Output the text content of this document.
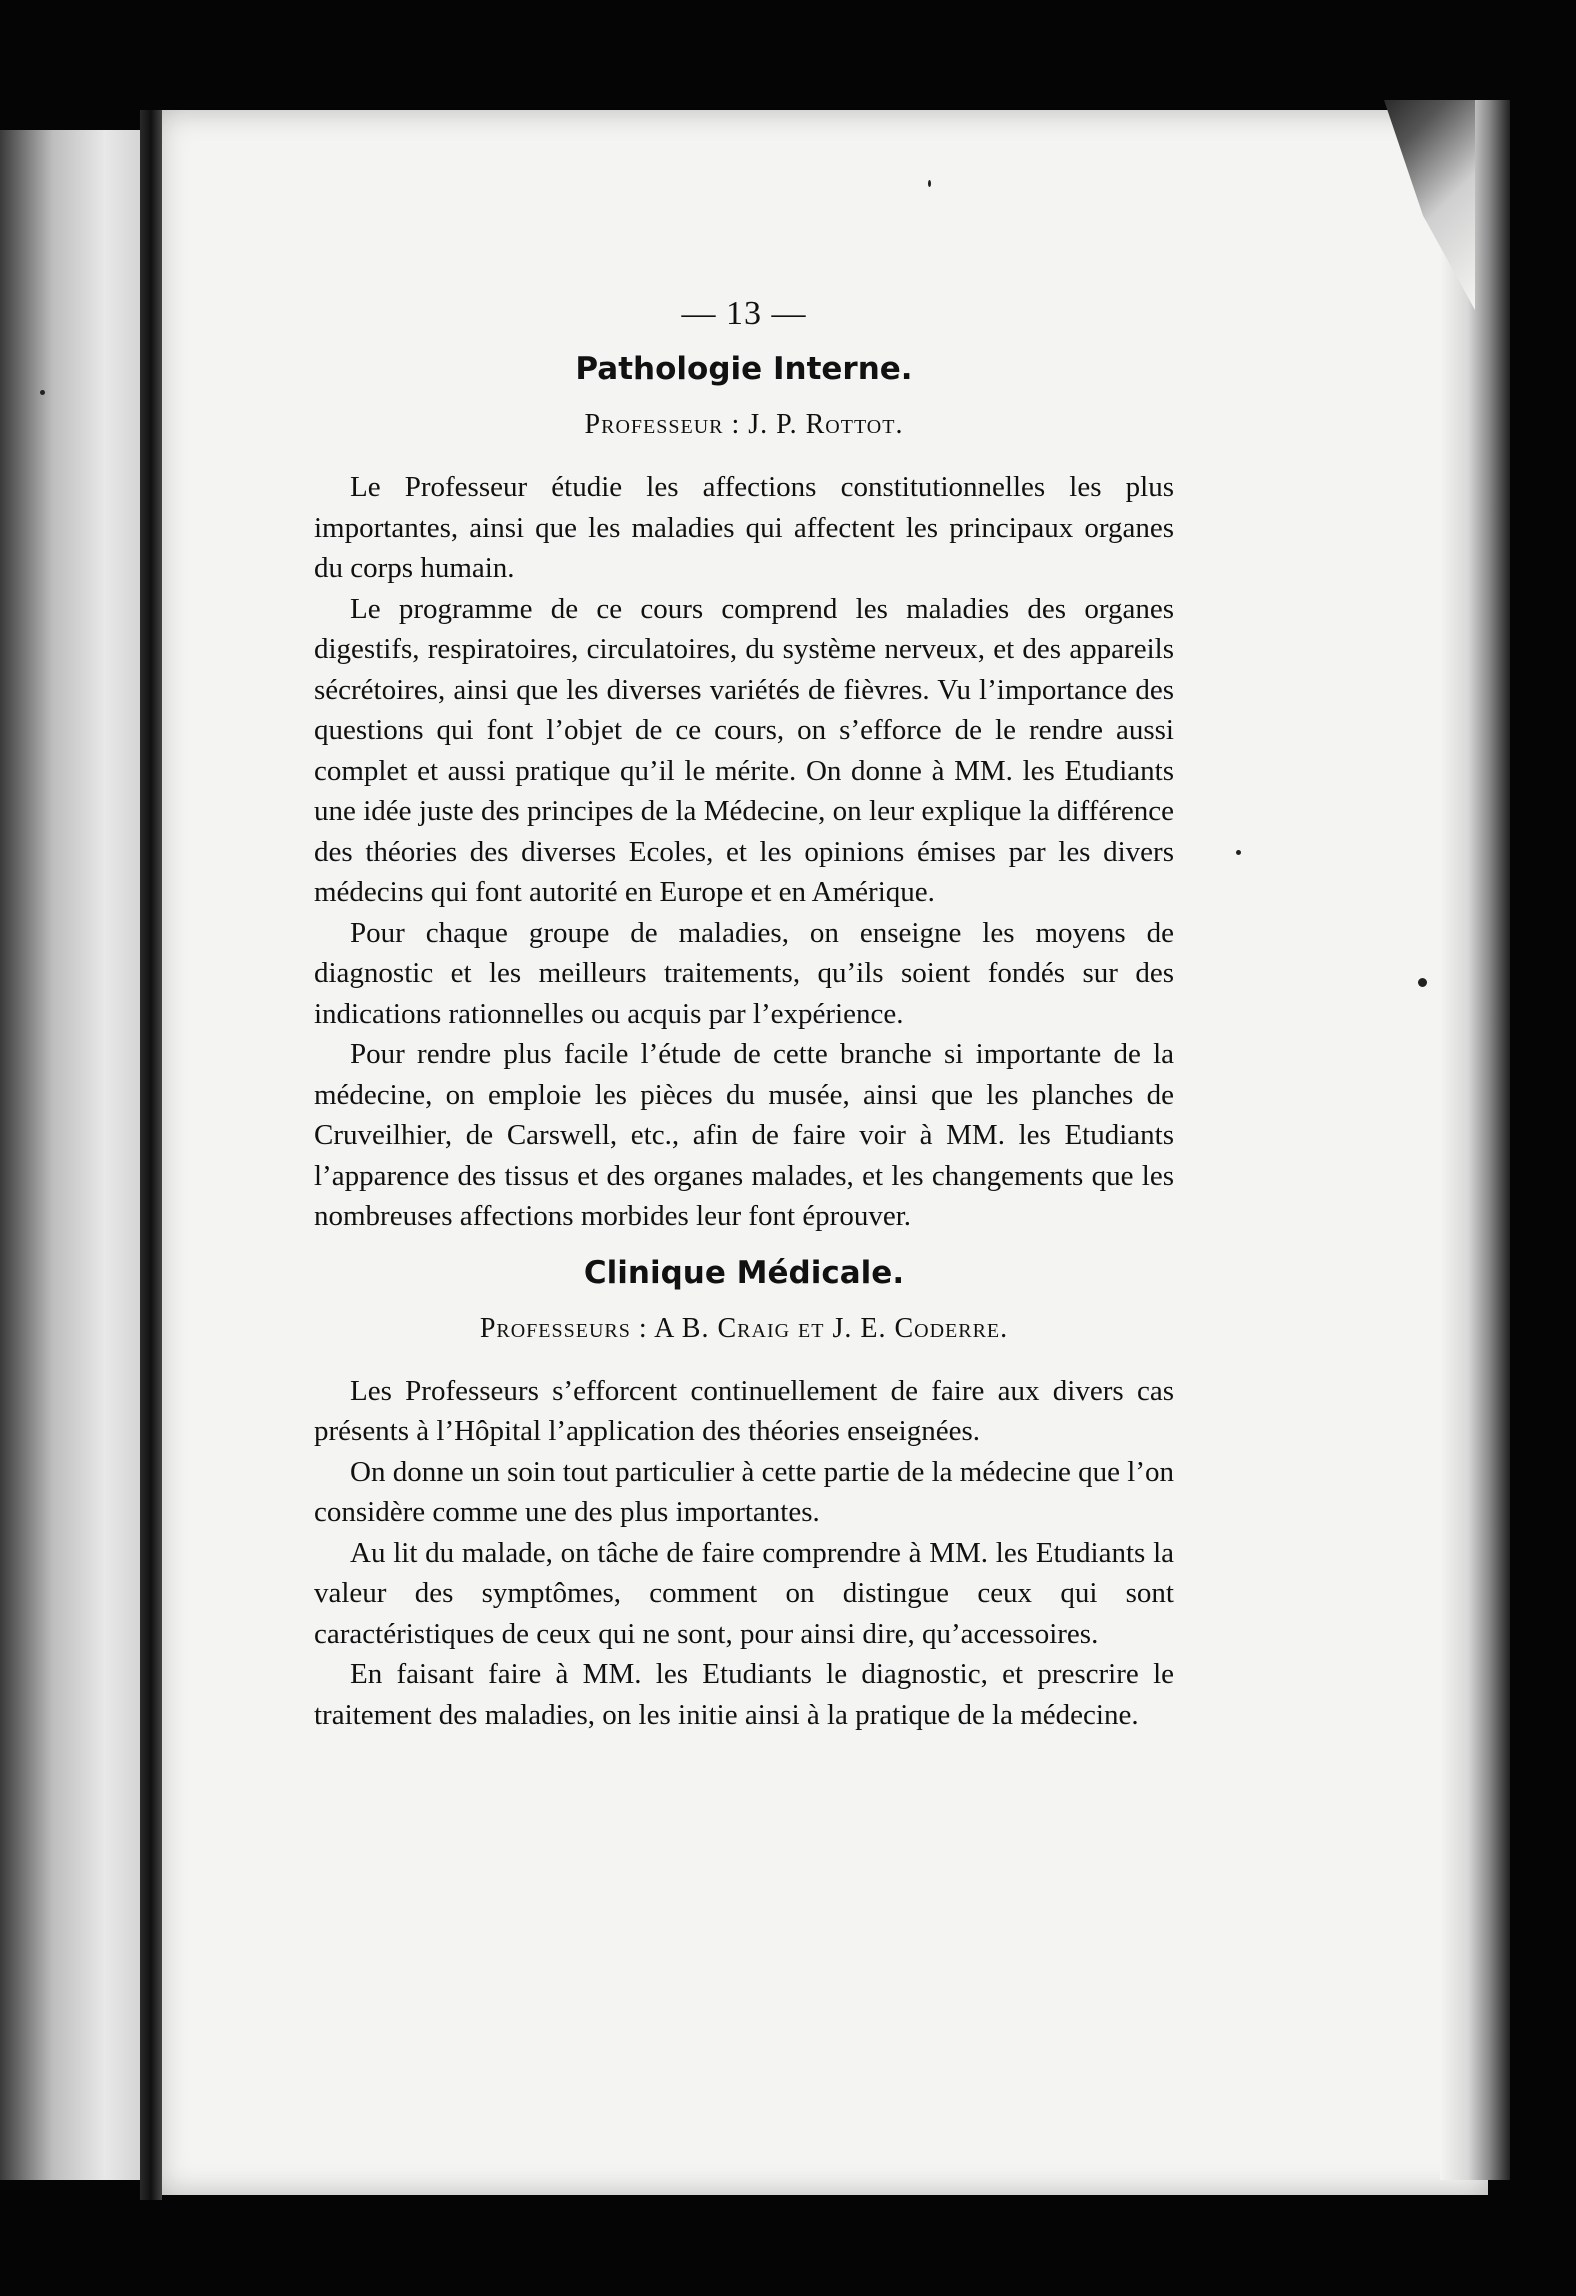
— 13 —
Pathologie Interne.
Professeur : J. P. Rottot.

Le Professeur étudie les affections constitutionnelles les plus importantes, ainsi que les maladies qui affectent les principaux organes du corps humain.

Le programme de ce cours comprend les maladies des organes digestifs, respiratoires, circulatoires, du système nerveux, et des appareils sécrétoires, ainsi que les diverses variétés de fièvres. Vu l’importance des questions qui font l’objet de ce cours, on s’efforce de le rendre aussi complet et aussi pratique qu’il le mérite. On donne à MM. les Etudiants une idée juste des principes de la Médecine, on leur explique la différence des théories des diverses Ecoles, et les opinions émises par les divers médecins qui font autorité en Europe et en Amérique.

Pour chaque groupe de maladies, on enseigne les moyens de diagnostic et les meilleurs traitements, qu’ils soient fondés sur des indications rationnelles ou acquis par l’expérience.

Pour rendre plus facile l’étude de cette branche si importante de la médecine, on emploie les pièces du musée, ainsi que les planches de Cruveilhier, de Carswell, etc., afin de faire voir à MM. les Etudiants l’apparence des tissus et des organes malades, et les changements que les nombreuses affections morbides leur font éprouver.

Clinique Médicale.
Professeurs : A B. Craig et J. E. Coderre.

Les Professeurs s’efforcent continuellement de faire aux divers cas présents à l’Hôpital l’application des théories enseignées.

On donne un soin tout particulier à cette partie de la médecine que l’on considère comme une des plus importantes.

Au lit du malade, on tâche de faire comprendre à MM. les Etudiants la valeur des symptômes, comment on distingue ceux qui sont caractéristiques de ceux qui ne sont, pour ainsi dire, qu’accessoires.

En faisant faire à MM. les Etudiants le diagnostic, et prescrire le traitement des maladies, on les initie ainsi à la pratique de la médecine.
